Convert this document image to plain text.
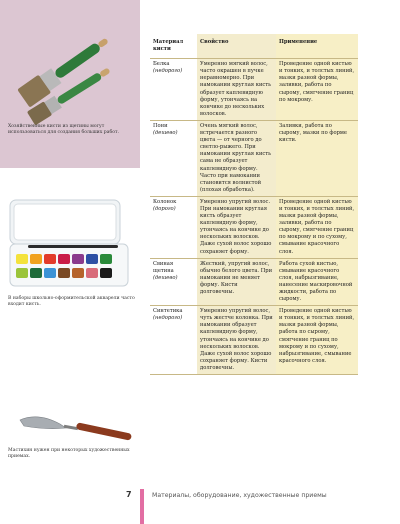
Хозяйственные кисти из щетины могут использоваться для создания больших работ.
В наборы школьно-оформительской акварели часто входит кисть.
Мастихин нужен при некоторых художественных приемах.
Материал кисти	Свойство	Применение
Белка
(недорого)	Умеренно мягкий волос, часто окрашен в пучке неравномерно. При намокании круглая кисть образует каплевидную форму, утончаясь на кончике до нескольких волосков.	Проведение одной кистью и тонких, и толстых линий, мазки разной формы, заливки, работа по сырому, смягчение границ по мокрому.
Пони
(дешево)	Очень мягкий волос, встречается разного цвета — от черного до светло-рыжего. При намокании круглая кисть сама не образует каплевидную форму. Часто при намокании становится волнистой (плохая обработка).	Заливки, работа по сырому, мазки по форме кисти.
Колонок
(дорого)	Умеренно упругий волос. При намокании круглая кисть образует каплевидную форму, утончаясь на кончике до нескольких волосков. Даже сухой волос хорошо сохраняет форму.	Проведение одной кистью и тонких, и толстых линий, мазки разной формы, заливки, работа по сырому, смягчение границ по мокрому и по сухому, смывание красочного слоя.
Свиная щетина
(дешево)	Жесткий, упругий волос, обычно белого цвета. При намокании не меняет форму. Кисти долговечны.	Работа сухой кистью, смывание красочного слоя, набрызгивание, нанесение маскировочной жидкости, работа по сырому.
Синтетика
(недорого)	Умеренно упругий волос, чуть жестче колонка. При намокании образует каплевидную форму, утончаясь на кончике до нескольких волосков. Даже сухой волос хорошо сохраняет форму. Кисти долговечны.	Проведение одной кистью и тонких, и толстых линий, мазки разной формы, работа по сырому, смягчение границ по мокрому и по сухому, набрызгивание, смывание красочного слоя.
7	Материалы, оборудование, художественные приемы
